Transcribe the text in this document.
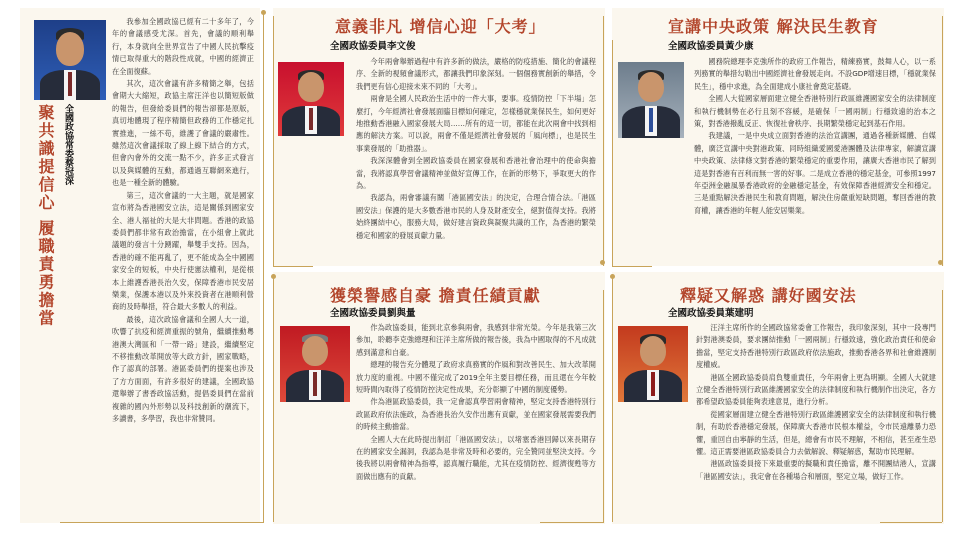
全國政協常委蔡冠深
聚共識提信心 履職責勇擔當

我參加全國政協已經有二十多年了，今年的會議感受尤深。首先，會議的順利舉行，本身就向全世界宣告了中國人民抗擊疫情已取得重大的階段性成就，中國的經濟正在全面復蘇。

其次，這次會議有許多精簡之舉，包括會期大大縮短，政協主席汪洋也以簡短版做的報告，但發給委員們的報告卻都是原版，真切地體現了程序精簡但政務的工作穩定扎實推進，一絲不苟，維護了會議的嚴肅性。雖然這次會議採取了線上線下結合的方式，但會內會外的交流一點不少，許多正式發言以及與媒體的互動，都通過互聯網來進行，也是一種全新的體驗。

第三，這次會議的一大主題，就是國家宣布將為香港國安立法，這是關係到國家安全、港人福祉的大是大非問題。香港的政協委員們都非常有政治擔當，在小組會上就此議題的發言十分踴躍，舉雙手支持。因為，香港的確不能再亂了，更不能成為全中國國家安全的短板，中央行使憲法權利，是從根本上維護香港長治久安，保障香港市民安居樂業，保護本港以及外來投資者在港順利營商的及時舉措，符合最大多數人的利益。

最後，這次政協會議和全國人大一道，吹響了抗疫和經濟重振的號角，繼續推動粵港澳大灣區和「一帶一路」建設，繼續堅定不移推動改革開放等大政方針，國家戰略，作了認真的部署。港區委員們的提案也涉及了方方面面，有許多很好的建議，全國政協還舉辦了書香政協活動，提倡委員們在當前複雜的國內外形勢以及科技創新的潮流下，多讀書，多學習，我也非常贊同。

意義非凡 增信心迎「大考」
全國政協委員李文俊

今年兩會舉辦過程中有許多新的做法，嚴格的防疫措施、簡化的會議程序、全新的視頻會議形式，都讓我們印象深刻。一個個務實創新的舉措，令我們更有信心迎接未來不同的「大考」。

兩會是全國人民政治生活中的一件大事，要事。疫情防控「下半場」怎麼打，今年經濟社會發展面臨目標如何確定，怎樣穩就業保民生，如何更好地推動香港融入國家發展大局……所有的這一切，都能在此次兩會中找到相應的解決方案。可以說，兩會不僅是經濟社會發展的「風向標」，也是民生事業發展的「助推器」。

我深深體會到全國政協委員在國家發展和香港社會治理中的使命與擔當，我將認真學習會議精神並做好宣傳工作，在新的形勢下，爭取更大的作為。

我認為，兩會審議有關「港區國安法」的決定，合理合情合法。「港區國安法」保護的是大多數香港市民的人身及財產安全，絕對值得支持。我將始終團結中心，服務大局，做好建言資政與凝聚共識的工作，為香港的繁榮穩定和國家的發展貢獻力量。

獲榮譽感自豪 擔責任績貢獻
全國政協委員劉與量

作為政協委員，能到北京參與兩會，我感到非常光榮。今年是我第三次參加，聆聽李克強總理和汪洋主席所做的報告後，我為中國取得的不凡成就感到滿意和自豪。

總理的報告充分體現了政府求真務實的作風和對改善民生、加大改革開放力度的重視。中國不僅完成了2019全年主要目標任務，而且還在今年較短時間內取得了疫情防控決定性成果，充分彰顯了中國的制度優勢。

作為港區政協委員，我一定會認真學習兩會精神，堅定支持香港特別行政區政府依法施政，為香港長治久安作出應有貢獻，並在國家發展需要我們的時候主動擔當。

全國人大在此時提出制訂「港區國安法」，以堵塞香港回歸以來長期存在的國家安全漏洞，我認為是非常及時和必要的，完全贊同並堅決支持。今後我將以兩會精神為指導，認真履行職能，尤其在疫情防控、經濟復甦等方面做出應有的貢獻。

宣講中央政策 解決民生教育
全國政協委員黃少康

國務院總理李克強所作的政府工作報告，精練務實，鼓舞人心，以一系列務實的舉措勾勒出中國經濟社會發展走向。不設GDP增速目標，「穩就業保民生」，穩中求進，為全面建成小康社會奠定基礎。

全國人大從國家層面建立健全香港特別行政區維護國家安全的法律制度和執行機制勢在必行且刻不容緩，是確保「一國兩制」行穩致遠的治本之策，對香港撥亂反正、恢復社會秩序、長期繁榮穩定起到基石作用。

我建議，一是中央成立面對香港的法治宣講團，通過各種新媒體、自媒體，廣泛宣講中央對港政策、同時組織愛國愛港團體及法律專家，解讀宣講中央政策、法律條文對香港的繁榮穩定的重要作用，讓廣大香港市民了解到這是對香港有百利而無一害的好事。二是成立香港的穩定基金，可參照1997年亞洲金融風暴香港政府的金融穩定基金，有效保障香港經濟安全和穩定。三是重點解決香港民生和教育問題，解決住房嚴重短缺問題，奪回香港的教育權，讓香港的年輕人能安居樂業。

釋疑又解惑 講好國安法
全國政協委員葉建明

汪洋主席所作的全國政協常委會工作報告，我印象深刻，其中一段專門針對港澳委員，要求團結推動「一國兩制」行穩致遠，強化政治責任和使命擔當，堅定支持香港特別行政區政府依法施政，推動香港各界和社會維護制度權威。

港區全國政協委員肩負雙重責任，今年兩會上更為明顯。全國人大就建立健全香港特別行政區維護國家安全的法律制度和執行機制作出決定，各方都希望政協委員能夠表達意見，進行分析。

從國家層面建立健全香港特別行政區維護國家安全的法律制度和執行機制，有助於香港穩定發展，保障廣大香港市民根本權益，令市民遠離暴力恐懼，重回自由寧靜的生活，但是，總會有市民不理解，不相信，甚至產生恐懼。這正需要港區政協委員合力去做解說、釋疑解惑，幫助市民理解。

港區政協委員接下來最重要的擬職和責任擔當，離不開團結港人，宣講「港區國安法」，我定會在各種場合和層面，堅定立場，做好工作。
